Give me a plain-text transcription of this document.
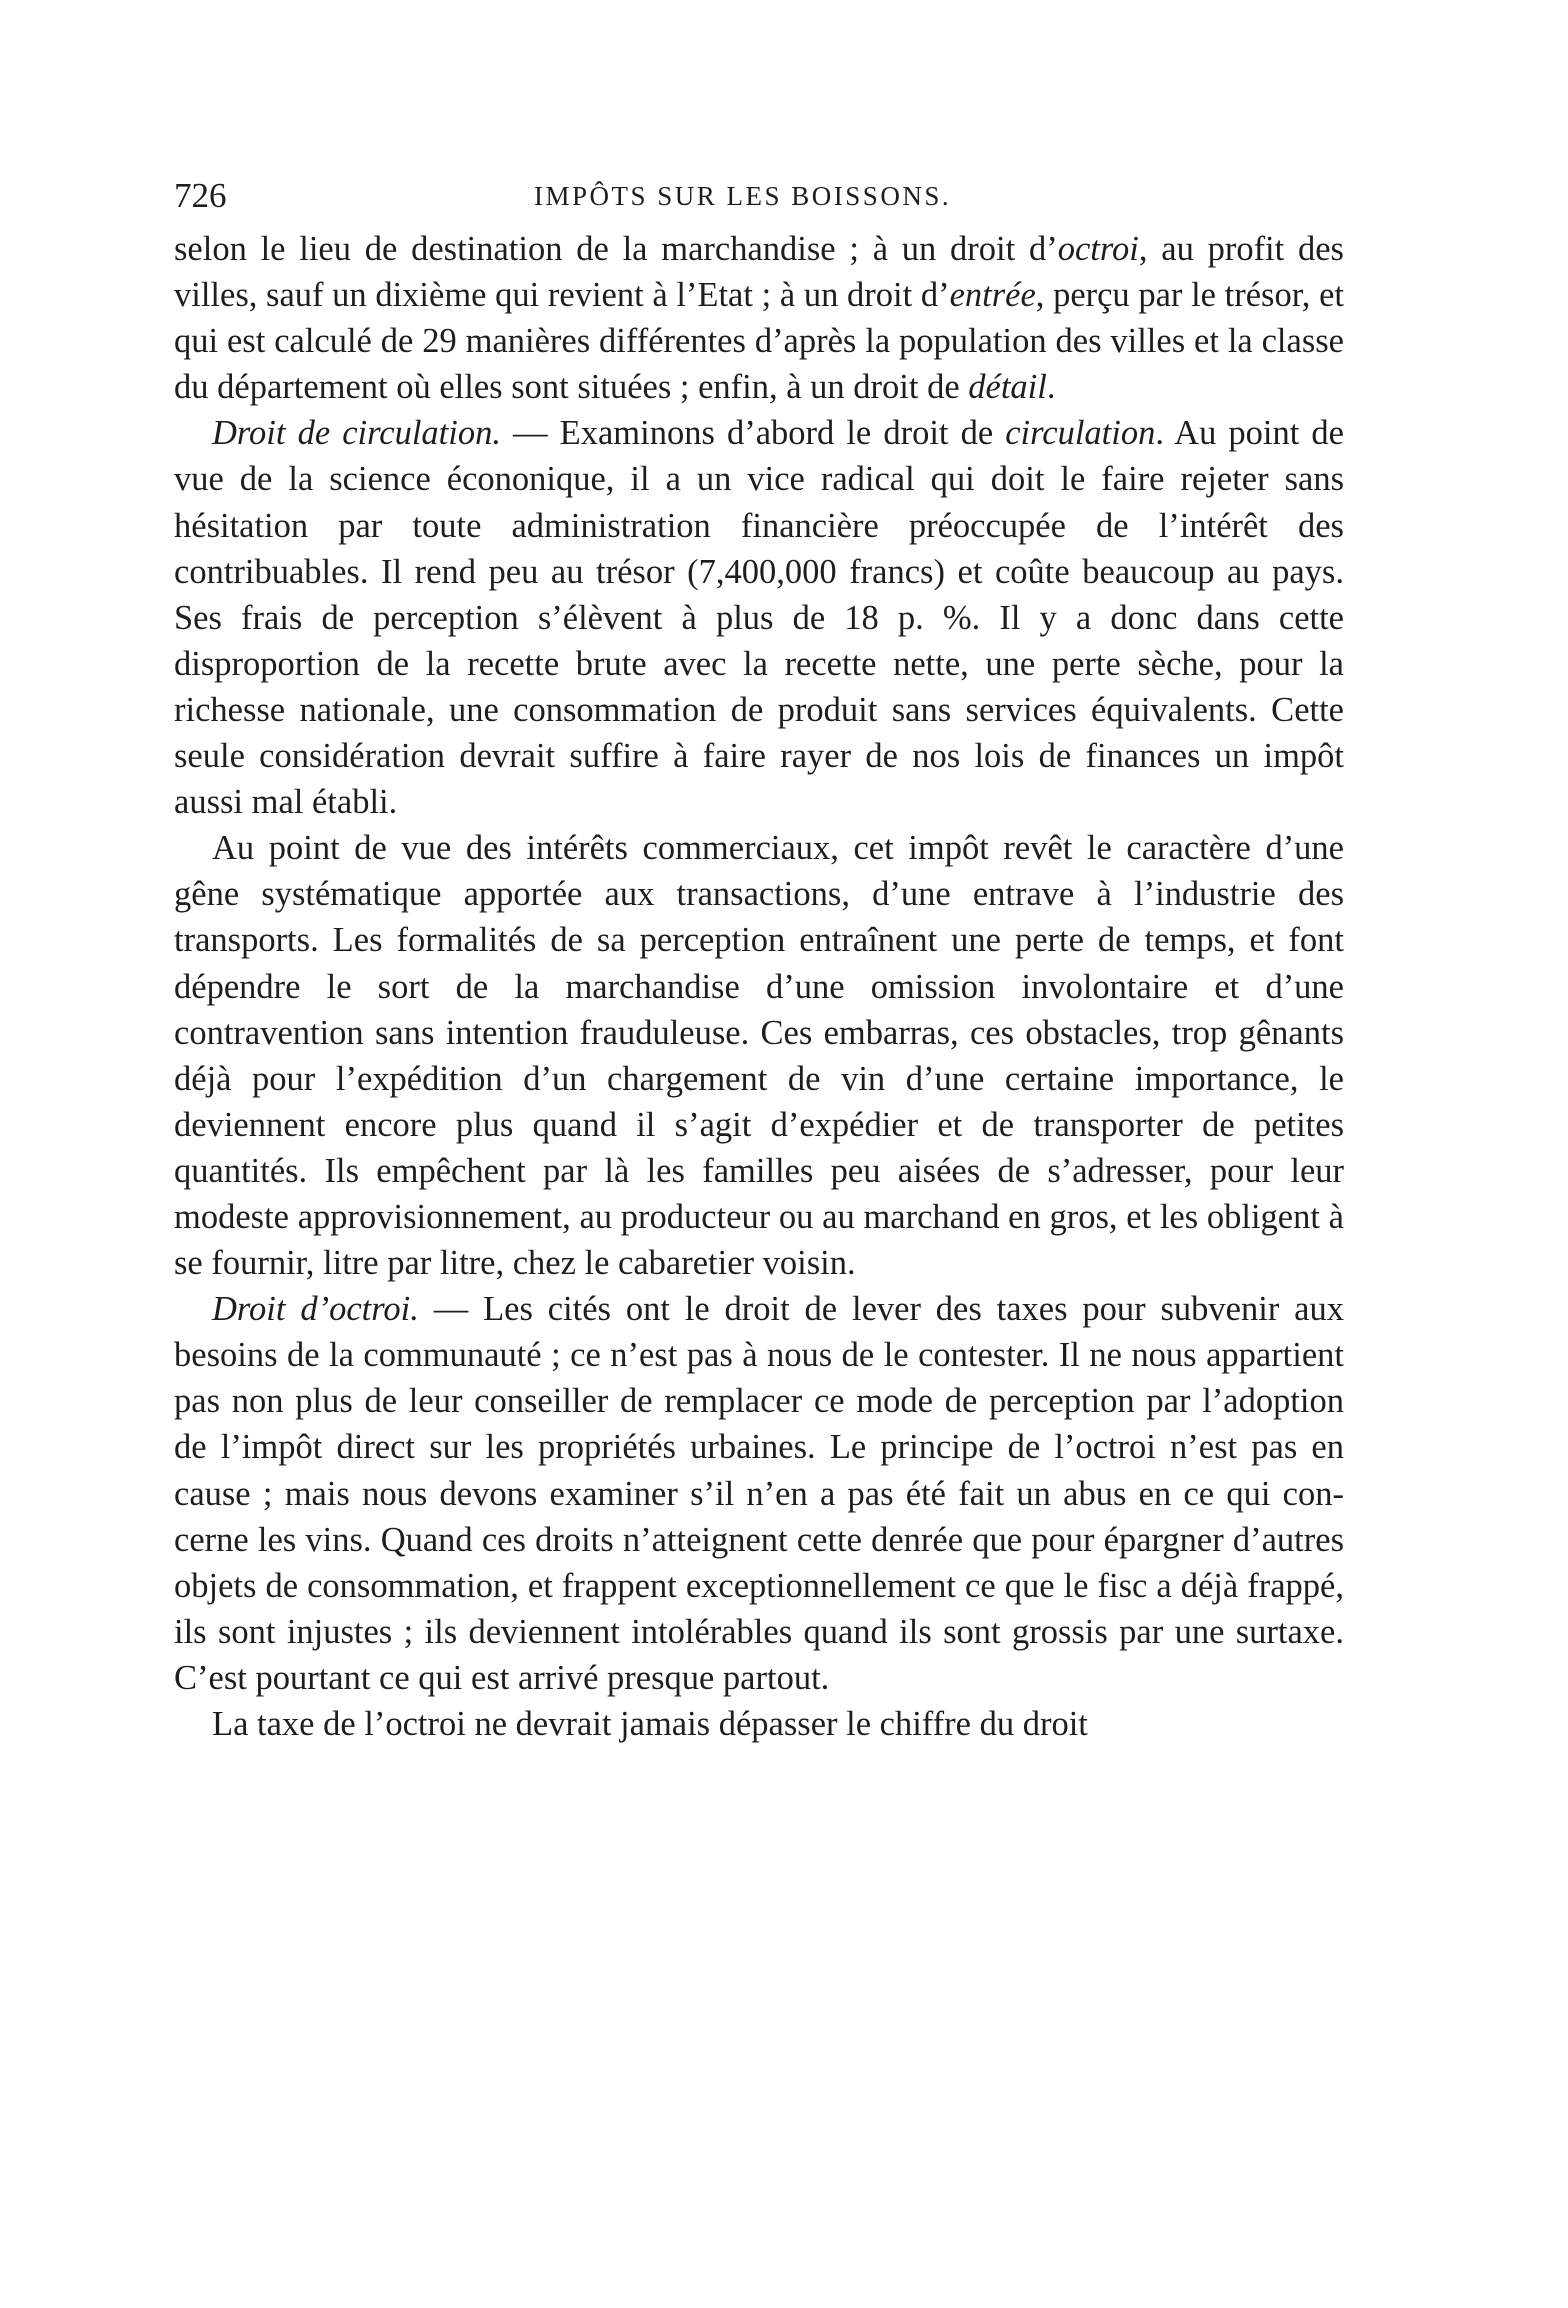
726	IMPÔTS SUR LES BOISSONS.

selon le lieu de destination de la marchandise ; à un droit d’octroi, au profit des villes, sauf un dixième qui revient à l’Etat ; à un droit d’entrée, perçu par le trésor, et qui est calculé de 29 manières différentes d’après la population des villes et la classe du département où elles sont situées ; enfin, à un droit de détail.

Droit de circulation. — Examinons d’abord le droit de circulation. Au point de vue de la science écononique, il a un vice radical qui doit le faire rejeter sans hésitation par toute administration financière préoccupée de l’intérêt des contribuables. Il rend peu au trésor (7,400,000 francs) et coûte beaucoup au pays. Ses frais de perception s’élèvent à plus de 18 p. %. Il y a donc dans cette disproportion de la recette brute avec la recette nette, une perte sèche, pour la richesse nationale, une consommation de produit sans services équivalents. Cette seule considération devrait suffire à faire rayer de nos lois de finances un impôt aussi mal établi.

Au point de vue des intérêts commerciaux, cet impôt revêt le caractère d’une gêne systématique apportée aux transactions, d’une entrave à l’industrie des transports. Les formalités de sa perception entraînent une perte de temps, et font dépendre le sort de la marchandise d’une omission involontaire et d’une contravention sans intention frauduleuse. Ces embarras, ces obstacles, trop gênants déjà pour l’expédition d’un chargement de vin d’une certaine importance, le deviennent encore plus quand il s’agit d’expédier et de transporter de petites quantités. Ils empêchent par là les familles peu aisées de s’adresser, pour leur modeste approvisionnement, au producteur ou au marchand en gros, et les obligent à se fournir, litre par litre, chez le cabaretier voisin.

Droit d’octroi. — Les cités ont le droit de lever des taxes pour subvenir aux besoins de la communauté ; ce n’est pas à nous de le contester. Il ne nous appartient pas non plus de leur conseiller de remplacer ce mode de perception par l’adoption de l’impôt direct sur les propriétés urbaines. Le principe de l’octroi n’est pas en cause ; mais nous devons examiner s’il n’en a pas été fait un abus en ce qui concerne les vins. Quand ces droits n’atteignent cette denrée que pour épargner d’autres objets de consommation, et frappent exceptionnellement ce que le fisc a déjà frappé, ils sont injustes ; ils deviennent intolérables quand ils sont grossis par une surtaxe. C’est pourtant ce qui est arrivé presque partout.

La taxe de l’octroi ne devrait jamais dépasser le chiffre du droit
